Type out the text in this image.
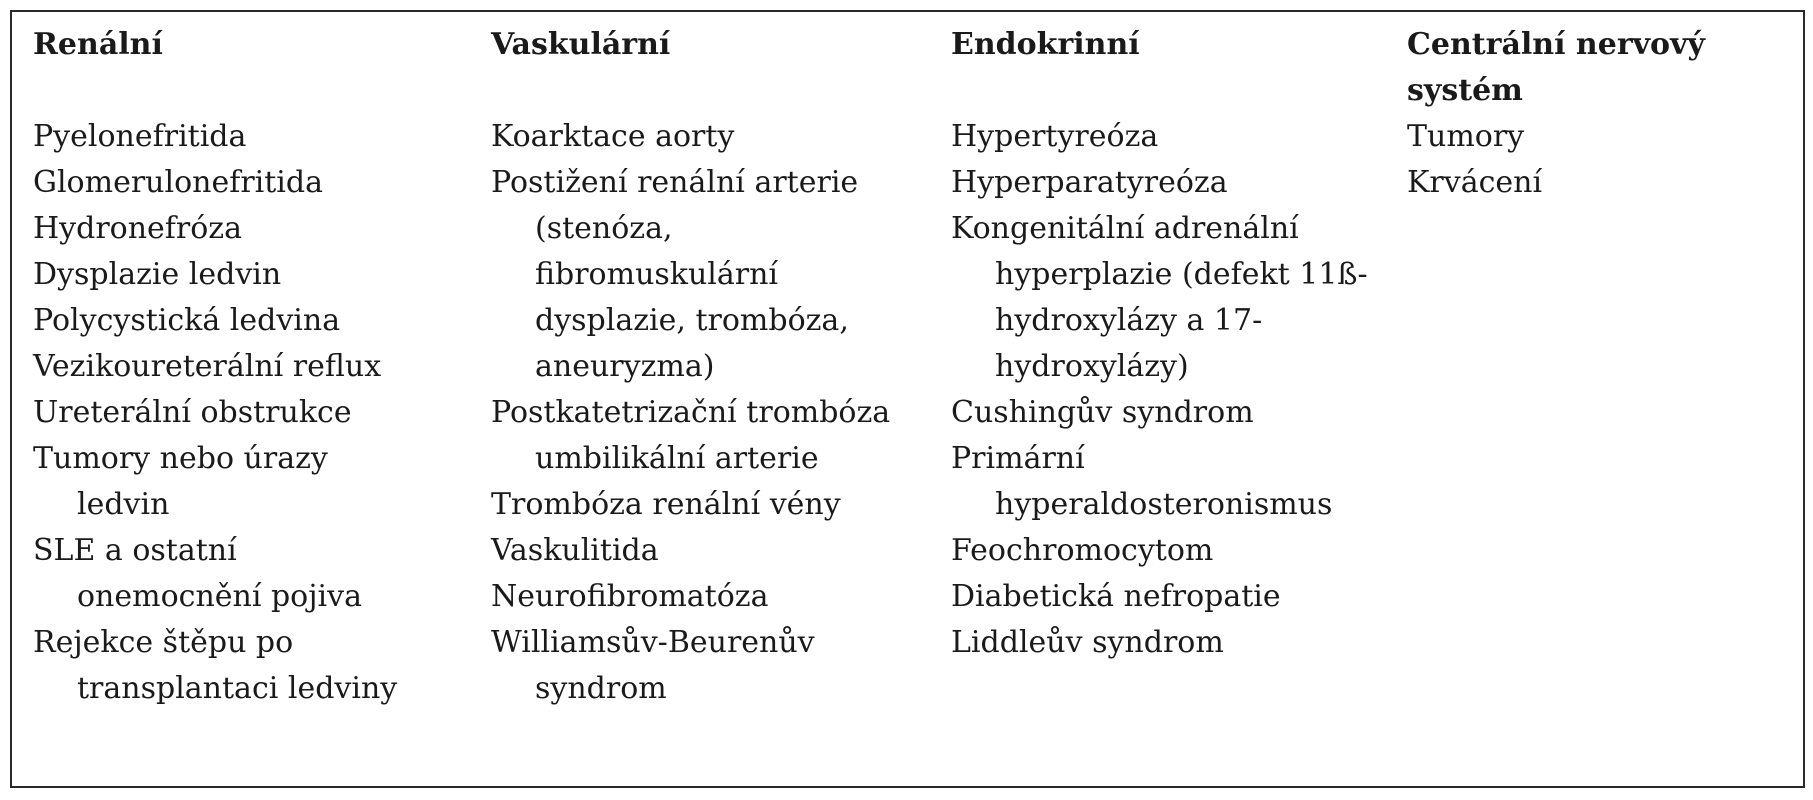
Renální
Pyelonefritida
Glomerulonefritida
Hydronefróza
Dysplazie ledvin
Polycystická ledvina
Vezikoureterální reflux
Ureterální obstrukce
Tumory nebo úrazy ledvin
SLE a ostatní onemocnění pojiva
Rejekce štěpu po transplantaci ledviny
Vaskulární
Koarktace aorty
Postižení renální arterie (stenóza, fibromuskulární dysplazie, trombóza, aneuryzma)
Postkatetrizační trombóza umbilikální arterie
Trombóza renální vény
Vaskulitida
Neurofibromatóza
Williamsův-Beurenův syndrom
Endokrinní
Hypertyreóza
Hyperparatyreóza
Kongenitální adrenální hyperplazie (defekt 11ß-hydroxylázy a 17-hydroxylázy)
Cushingův syndrom
Primární hyperaldosteronismus
Feochromocytom
Diabetická nefropatie
Liddleův syndrom
Centrální nervový systém
Tumory
Krvácení
